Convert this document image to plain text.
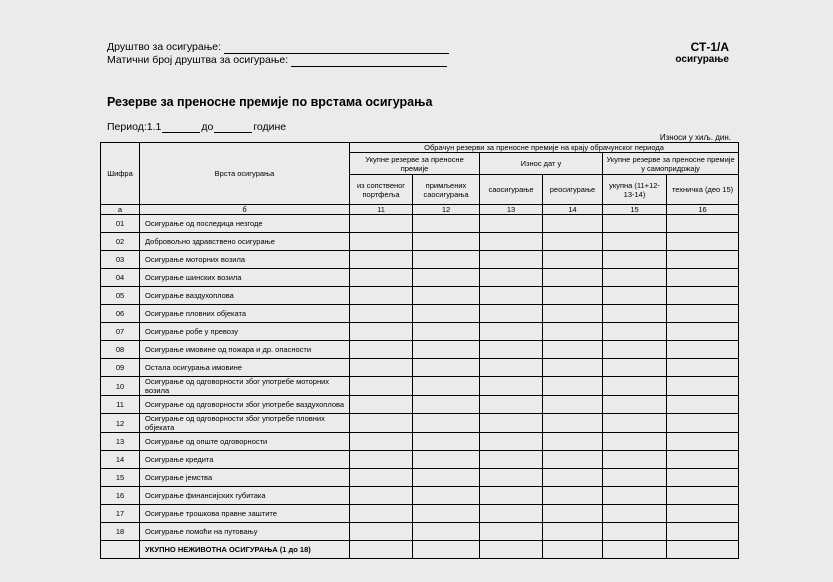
Друштво за осигурање:
Матични број друштва за осигурање:
СТ-1/А
осигурање
Резерве за преносне премије по врстама осигурања
Период:1.1	до	године
Износи у хиљ. дин.
Шифра	Врста осигурања	Обрачун резерви за преносне премије на крају обрачунског периода					
		Укупне резерве за преносне премије		Износ дат у		Укупне резерве за преносне премије у самопридржају	
		из сопственог портфеља	примљених саосигурања	саосигурање	реосигурање	укупна (11+12-13-14)	техничка (део 15)
а	б	11	12	13	14	15	16
01	Осигурање од последица незгоде						
02	Добровољно здравствено осигурање						
03	Осигурање моторних возила						
04	Осигурање шинских возила						
05	Осигурање ваздухоплова						
06	Осигурање пловних објеката						
07	Осигурање робе у превозу						
08	Осигурање имовине од пожара и др. опасности						
09	Остала осигурања имовине						
10	Осигурање од одговорности због употребе моторних возила						
11	Осигурање од одговорности због употребе ваздухоплова						
12	Осигурање од одговорности због употребе пловних објеката						
13	Осигурање од опште одговорности						
14	Осигурање кредита						
15	Осигурање јемства						
16	Осигурање финансијских губитака						
17	Осигурање трошкова правне заштите						
18	Осигурање помоћи на путовању						
	УКУПНО НЕЖИВОТНА ОСИГУРАЊА (1 до 18)						
